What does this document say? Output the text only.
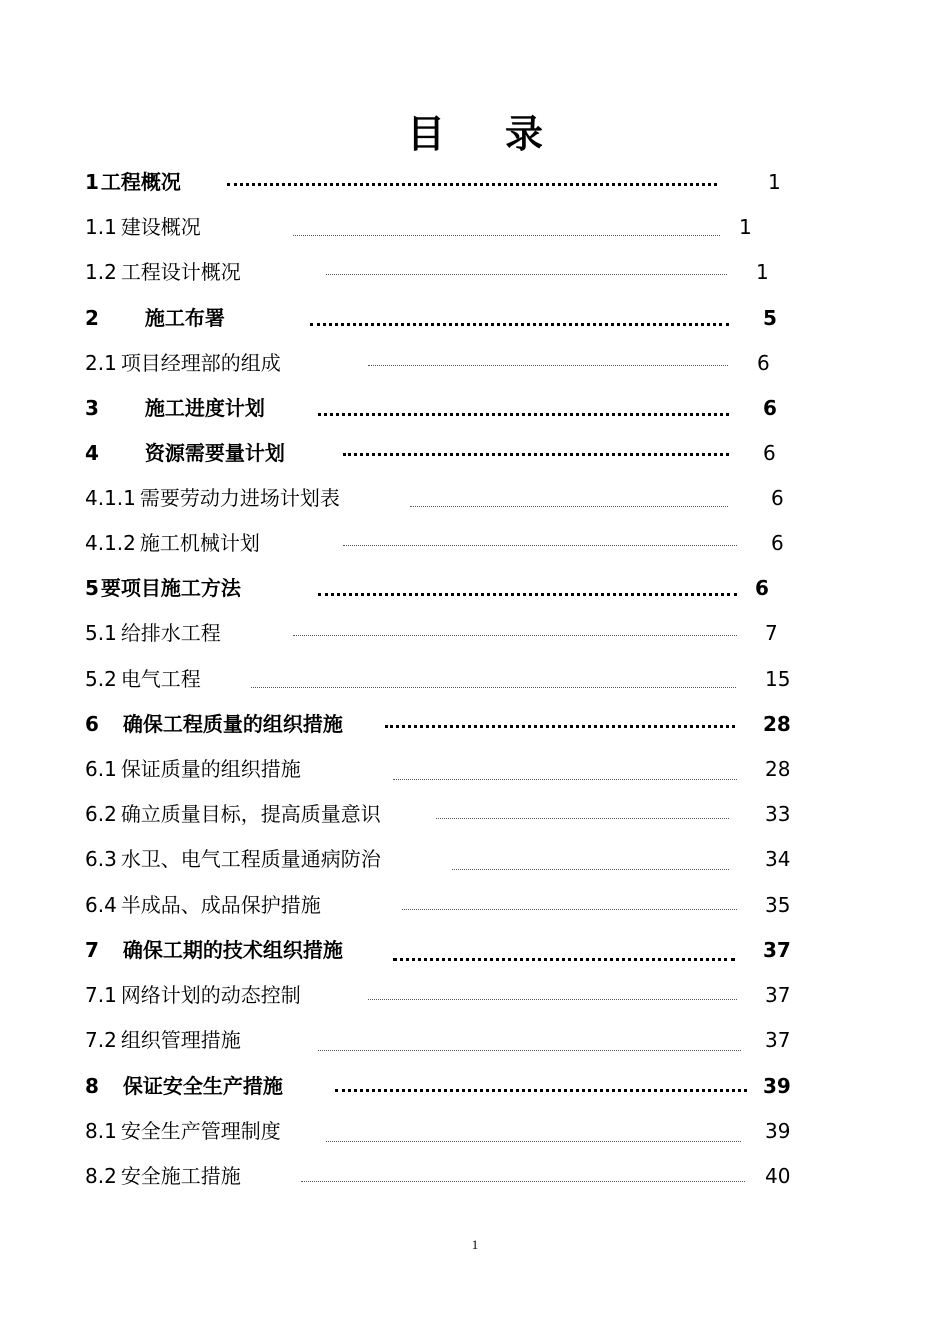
目 录
1 工程概况	1
1.1 建设概况	1
1.2 工程设计概况	1
2 施工布署	5
2.1 项目经理部的组成	6
3 施工进度计划	6
4 资源需要量计划	6
4.1.1 需要劳动力进场计划表	6
4.1.2 施工机械计划	6
5 要项目施工方法	6
5.1 给排水工程	7
5.2 电气工程	15
6 确保工程质量的组织措施	28
6.1 保证质量的组织措施	28
6.2 确立质量目标，提高质量意识	33
6.3 水卫、电气工程质量通病防治	34
6.4 半成品、成品保护措施	35
7 确保工期的技术组织措施	37
7.1 网络计划的动态控制	37
7.2 组织管理措施	37
8 保证安全生产措施	39
8.1 安全生产管理制度	39
8.2 安全施工措施	40
1
